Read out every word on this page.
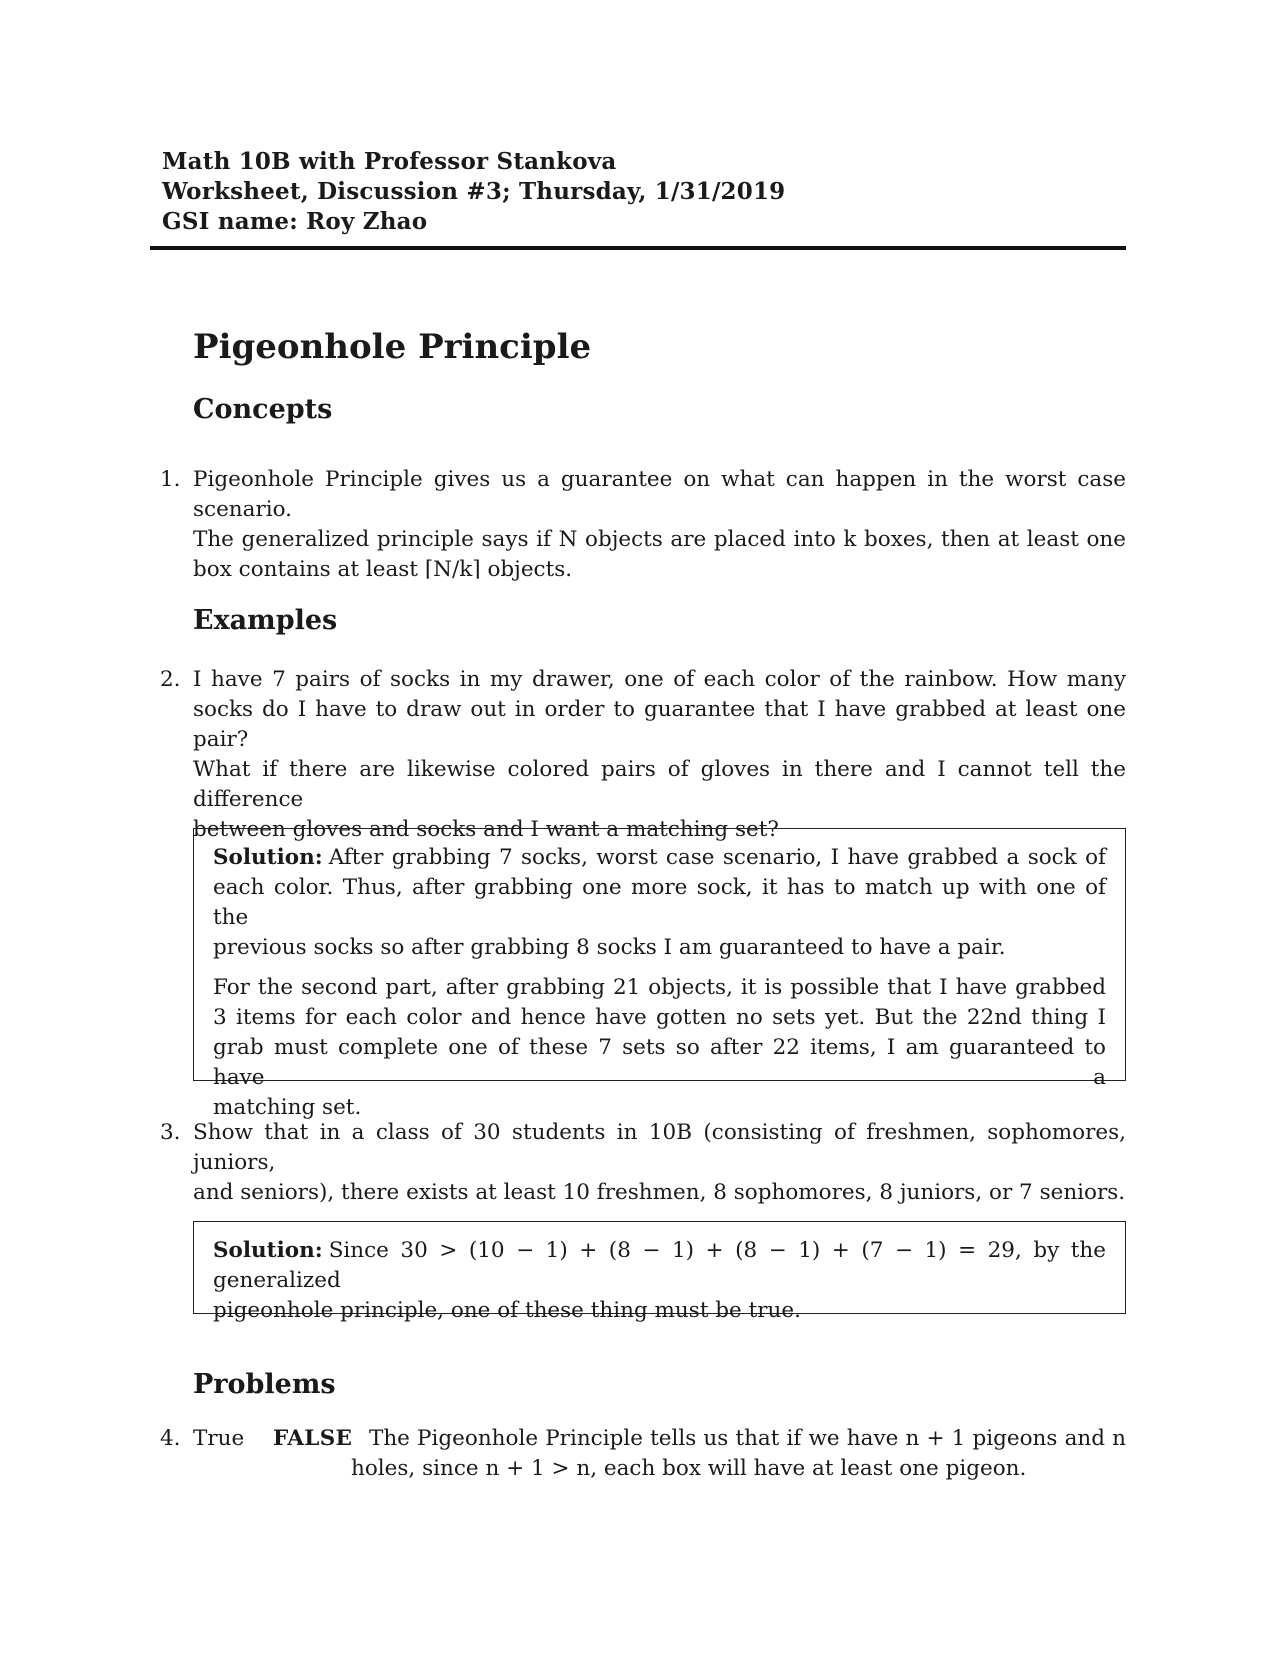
Math 10B with Professor Stankova
Worksheet, Discussion #3; Thursday, 1/31/2019
GSI name: Roy Zhao
Pigeonhole Principle
Concepts
1. Pigeonhole Principle gives us a guarantee on what can happen in the worst case scenario.
The generalized principle says if N objects are placed into k boxes, then at least one
box contains at least ⌈N/k⌉ objects.
Examples
2. I have 7 pairs of socks in my drawer, one of each color of the rainbow. How many
socks do I have to draw out in order to guarantee that I have grabbed at least one pair?
What if there are likewise colored pairs of gloves in there and I cannot tell the difference
between gloves and socks and I want a matching set?

Solution: After grabbing 7 socks, worst case scenario, I have grabbed a sock of
each color. Thus, after grabbing one more sock, it has to match up with one of the
previous socks so after grabbing 8 socks I am guaranteed to have a pair.

For the second part, after grabbing 21 objects, it is possible that I have grabbed
3 items for each color and hence have gotten no sets yet. But the 22nd thing I
grab must complete one of these 7 sets so after 22 items, I am guaranteed to have a
matching set.

3. Show that in a class of 30 students in 10B (consisting of freshmen, sophomores, juniors,
and seniors), there exists at least 10 freshmen, 8 sophomores, 8 juniors, or 7 seniors.

Solution: Since 30 > (10 − 1) + (8 − 1) + (8 − 1) + (7 − 1) = 29, by the generalized
pigeonhole principle, one of these thing must be true.

Problems
4. True FALSE The Pigeonhole Principle tells us that if we have n + 1 pigeons and n
holes, since n + 1 > n, each box will have at least one pigeon.
